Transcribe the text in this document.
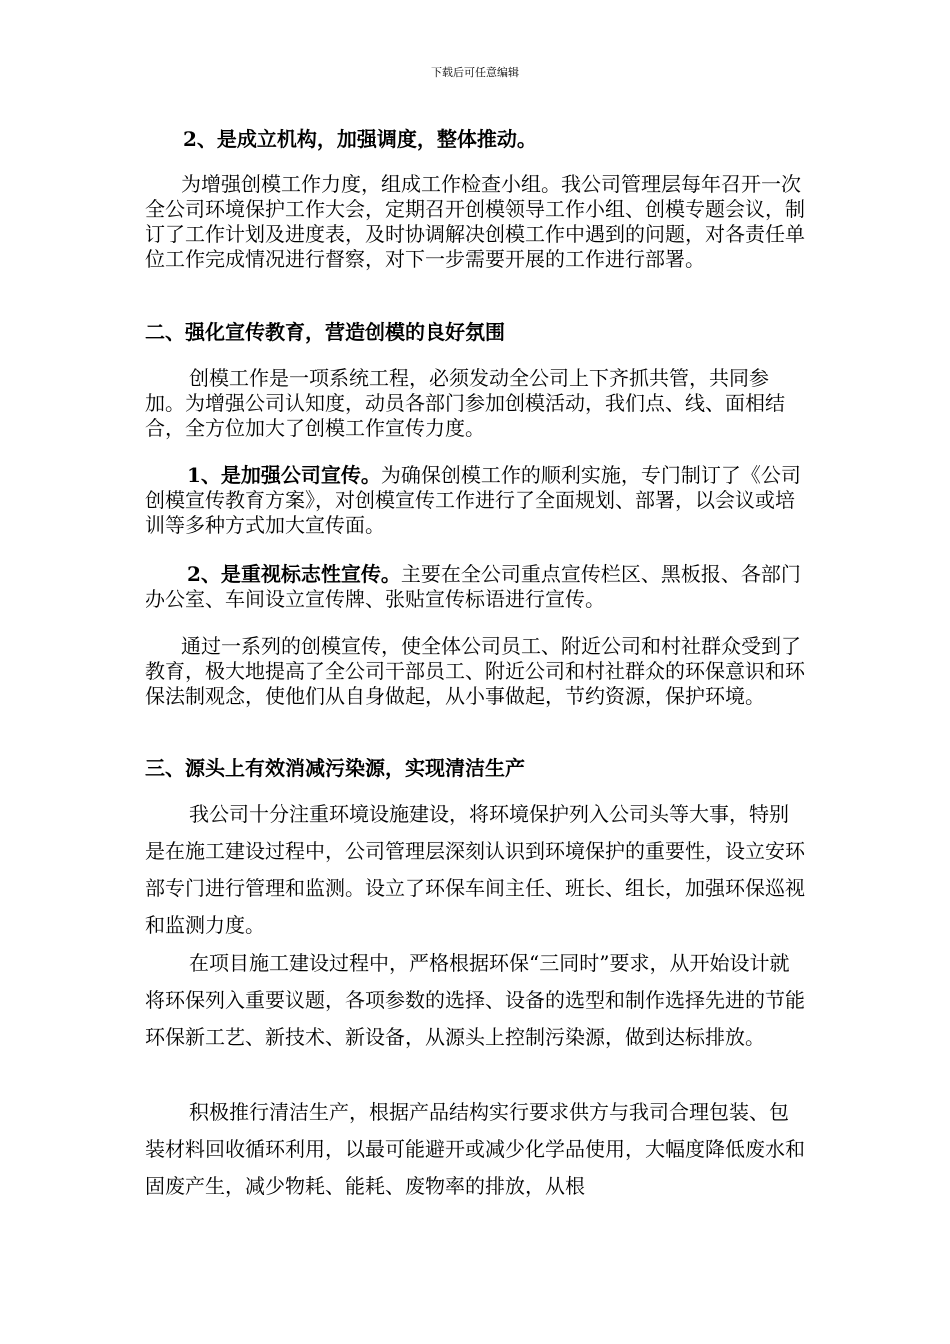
下载后可任意编辑

2、是成立机构，加强调度，整体推动。

为增强创模工作力度，组成工作检查小组。我公司管理层每年召开一次全公司环境保护工作大会，定期召开创模领导工作小组、创模专题会议，制订了工作计划及进度表，及时协调解决创模工作中遇到的问题，对各责任单位工作完成情况进行督察，对下一步需要开展的工作进行部署。

二、强化宣传教育，营造创模的良好氛围

创模工作是一项系统工程，必须发动全公司上下齐抓共管，共同参加。为增强公司认知度，动员各部门参加创模活动，我们点、线、面相结合，全方位加大了创模工作宣传力度。

1、是加强公司宣传。为确保创模工作的顺利实施，专门制订了《公司创模宣传教育方案》，对创模宣传工作进行了全面规划、部署，以会议或培训等多种方式加大宣传面。

2、是重视标志性宣传。主要在全公司重点宣传栏区、黑板报、各部门办公室、车间设立宣传牌、张贴宣传标语进行宣传。

通过一系列的创模宣传，使全体公司员工、附近公司和村社群众受到了教育，极大地提高了全公司干部员工、附近公司和村社群众的环保意识和环保法制观念，使他们从自身做起，从小事做起，节约资源，保护环境。

三、源头上有效消减污染源，实现清洁生产

我公司十分注重环境设施建设，将环境保护列入公司头等大事，特别是在施工建设过程中，公司管理层深刻认识到环境保护的重要性，设立安环部专门进行管理和监测。设立了环保车间主任、班长、组长，加强环保巡视和监测力度。

在项目施工建设过程中，严格根据环保“三同时”要求，从开始设计就将环保列入重要议题，各项参数的选择、设备的选型和制作选择先进的节能环保新工艺、新技术、新设备，从源头上控制污染源，做到达标排放。

积极推行清洁生产，根据产品结构实行要求供方与我司合理包装、包装材料回收循环利用，以最可能避开或减少化学品使用，大幅度降低废水和固废产生，减少物耗、能耗、废物率的排放，从根
